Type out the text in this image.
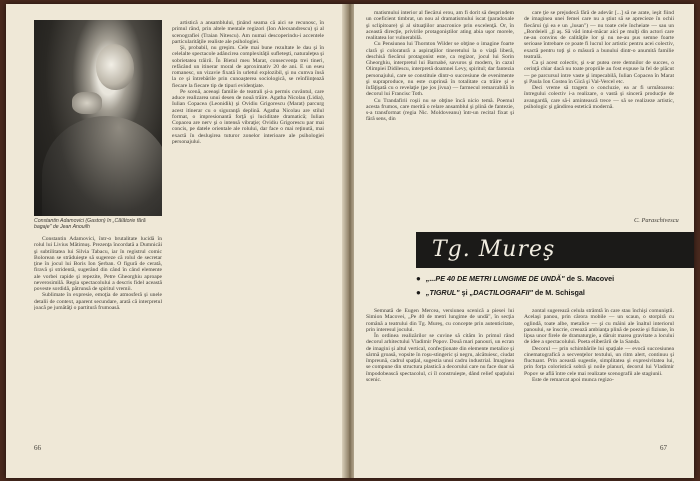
Constantin Adamovici (Gaston) în „Călătorie fără bagaje" de Jean Anouilh

Constantin Adamovici, într-o brutalitate lucidă în rolul lui Livius Mătimuş. Prezenţa încordată a Dumnicăi şi subtilitatea lui Silvia Tabacu, iar în registrul comic Bolorean se străduieşte să sugereze că rolul de secretar ţine în jocul lui Boris Ion Şerban. O figură de cerată, firavă şi stridentă, sugerând din când în când elemente ale vorbei rapide şi repezite, Petre Gheorghiu aproape neverosimilă. Regia spectacolului a descris fidel această poveste sordidă, pătrunsă de spiritul vremii.

Sublimate în expresie, emoţia de atmosferă şi unele detalii de context, aparent secundare, arată că interpretul joacă pe jumătăţi o partitură frumoasă.

artistică a ansamblului, ţinând seama că aici se recunosc, în primul rând, prin altele mentale regizori (Ion Alecsandrescu) şi al scenografiei (Traian Nitescu). Am numai descoperindu-i accentele particularităţile realiste ale psihologiei.

Şi, probabil, nu greşim. Cele mai bune rezultate le dau şi în celelalte spectacole adâncirea complexităţii sufleteşti, naturaleţea şi sobrietatea trăirii. În Bietul meu Marat, consecvenţa trei tineri, refăcând un itinerar moral de aproximativ 20 de ani. E un eseu romanesc, un vizavie fixată în urletul explozibil, şi nu cumva însă la ce şi întrebările prin cunoaşterea sociologică, se reînfiinţează fiecare la fiecare tip de tipuri evidenţiate.

Pe scenă, aceeaşi familie de teatrali şi-a permis cuvântul, care aduce realizarea unui desen de nouă trăire. Agatha Nicolau (Lidia), Iulian Copacea (Leonidik) şi Ovidiu Grigorescu (Marat) parcurg acest itinerar cu o siguranţă deplină. Agatha Nicolau are stilul format, o impresionantă forţă şi luciditate dramatică; Iulian Copacea are nerv şi o intensă vibraţie; Ovidiu Grigorescu par mai concis, pe datele orientale ale rolului, dar face o mai reţinută, mai exactă în desluşirea tuturor zonelor interioare ale psihologiei personajului.

66

matismului interior al fiecărui erou, am fi dorit să desprindem un coeficient timbrat, un nou al dramatismului iscat (paradoxale şi sclipitoare) şi al situaţiilor anacronice prin excelenţă. Or, în această direcţie, privirile protagoniştilor ating abia uşor morele, realitatea lor vulnerabilă.

Cu Pensiunea lui Thornton Wilder se obţine o imagine foarte clară şi coloratură a aspiraţiilor tineretului la o viaţă liberă, deschisă fiecărui protagonist este, ca regizor, jocul lui Sorin Gheorghiu, interpretul lui Barnabé, savuros şi modern, în cazul Olimpiei Didilescu, interpretă doamnei Levy, spiritul; dar fantezia personajului, care se constituie dintr-o succesiune de evenimente şi supraproduce, nu este cuprinsă în totalitate ca trăire şi e înfăţişată cu o revelaţie (pe jos jivua) — farmecul remarcabilă în decorul lui Francisc Toth.

Cu Trandafirii roşii nu se obţine încă nicio temă. Poemul acesta frumos, care merită o relare ansamblul şi plină de fantezie, s-a transformat (regia Nic. Moldoveanu) într-un recital fixat şi fără sens, din

care ţie se prejudecă fără de adevăr [...] să ne arate, ieşit fiind de imaginea unei femei care nu a ştiut să se aprecieze în ochii fiecărui (şi ea e un „lusan") — nu toate cele încheiate — sau un „Bordeieli „ţi aş. Să văd intui-măcar aici pe mulţi din actori care ne-au convins de calităţile lor şi nu ne-au pus semne foarte serioase întrebare ce poate fi lucrul lor artistic pentru acei colectiv, exactă pentru toţi şi o măsură a bunului dintr-o anumită familie teatrală.

Ca şi acest colectiv, şi s-ar putea cere demnilor de succes, o cerinţă chiar dacă nu toate propriile au fost expuse la fel de plăcut — pe parcursul intre vaste şi impecabilă, Iulian Copacea în Marat şi Paula Ion Costea în Gică şi Val-Vercel etc.

Deci vreme să tragem o concluzie, ea ar fi următoarea: întregului colectiv i-a realizare, o vastă şi sinceră producţie de avangardă, care să-i amintească trece — să se realizeze artistic, psihologic şi gândirea estetică modernă.

C. Paraschivescu
Tg. Mureş
● „...PE 40 DE METRI LUNGIME DE UNDĂ" de S. Macovei
● „TIGRUL" şi „DACTILOGRAFII" de M. Schisgal

Semnată de Eugen Mercea, versiunea scenică a piesei lui Simion Macovei, „Pe 40 de metri lungime de undă", în secţia română a teatrului din Tg. Mureş, cu concepte prin autenticitate, prin interesul jocului.

În ordinea realizărilor se cuvine să cităm în primul rând decorul arhitectului Vladimir Popov. Două mari panouri, un ecran de imagini şi altul vertical, confecţionate din elemente metalice şi sârmă groasă, vopsite în roşu-stingeric şi negru, alcătuiesc, ciudat împreună, cadrul spaţial, sugestia unui cadru industrial. Imaginea se compune din structura plastică a decorului care nu face doar să împodobească spectacolul, ci îl construieşte, dând relief spaţiului scenic.

zontal sugerează celula strâmtă în care stau închişi comuniştii. Acelaşi panou, prin cărora mobile — un scaun, o storpiră cu oglindă, toate albe, metalice — şi cu mâini ale înaltul interiorul panoului, se înscrie, creează ambianţa plină de poezie şi fiziune, în lipsa unor firele de dramaturgie, a dăruit marea gravitate a locului de idee a spectacolului. Poeta eliberării de la Sanda.

Decorul — prin schimbările lui spaţiale — evocă succesiunea cinematografică a secvenţelor textului, un ritm alert, continuu şi fluctuant. Prin această sugestie, simplitatea şi expresivitatea lui, prin forţa coloristică sobră şi noile planuri, decorul lui Vladimir Popov se află între cele mai realizate scenografii ale stagiunii.

Este de remarcat apoi munca regizo-

67
